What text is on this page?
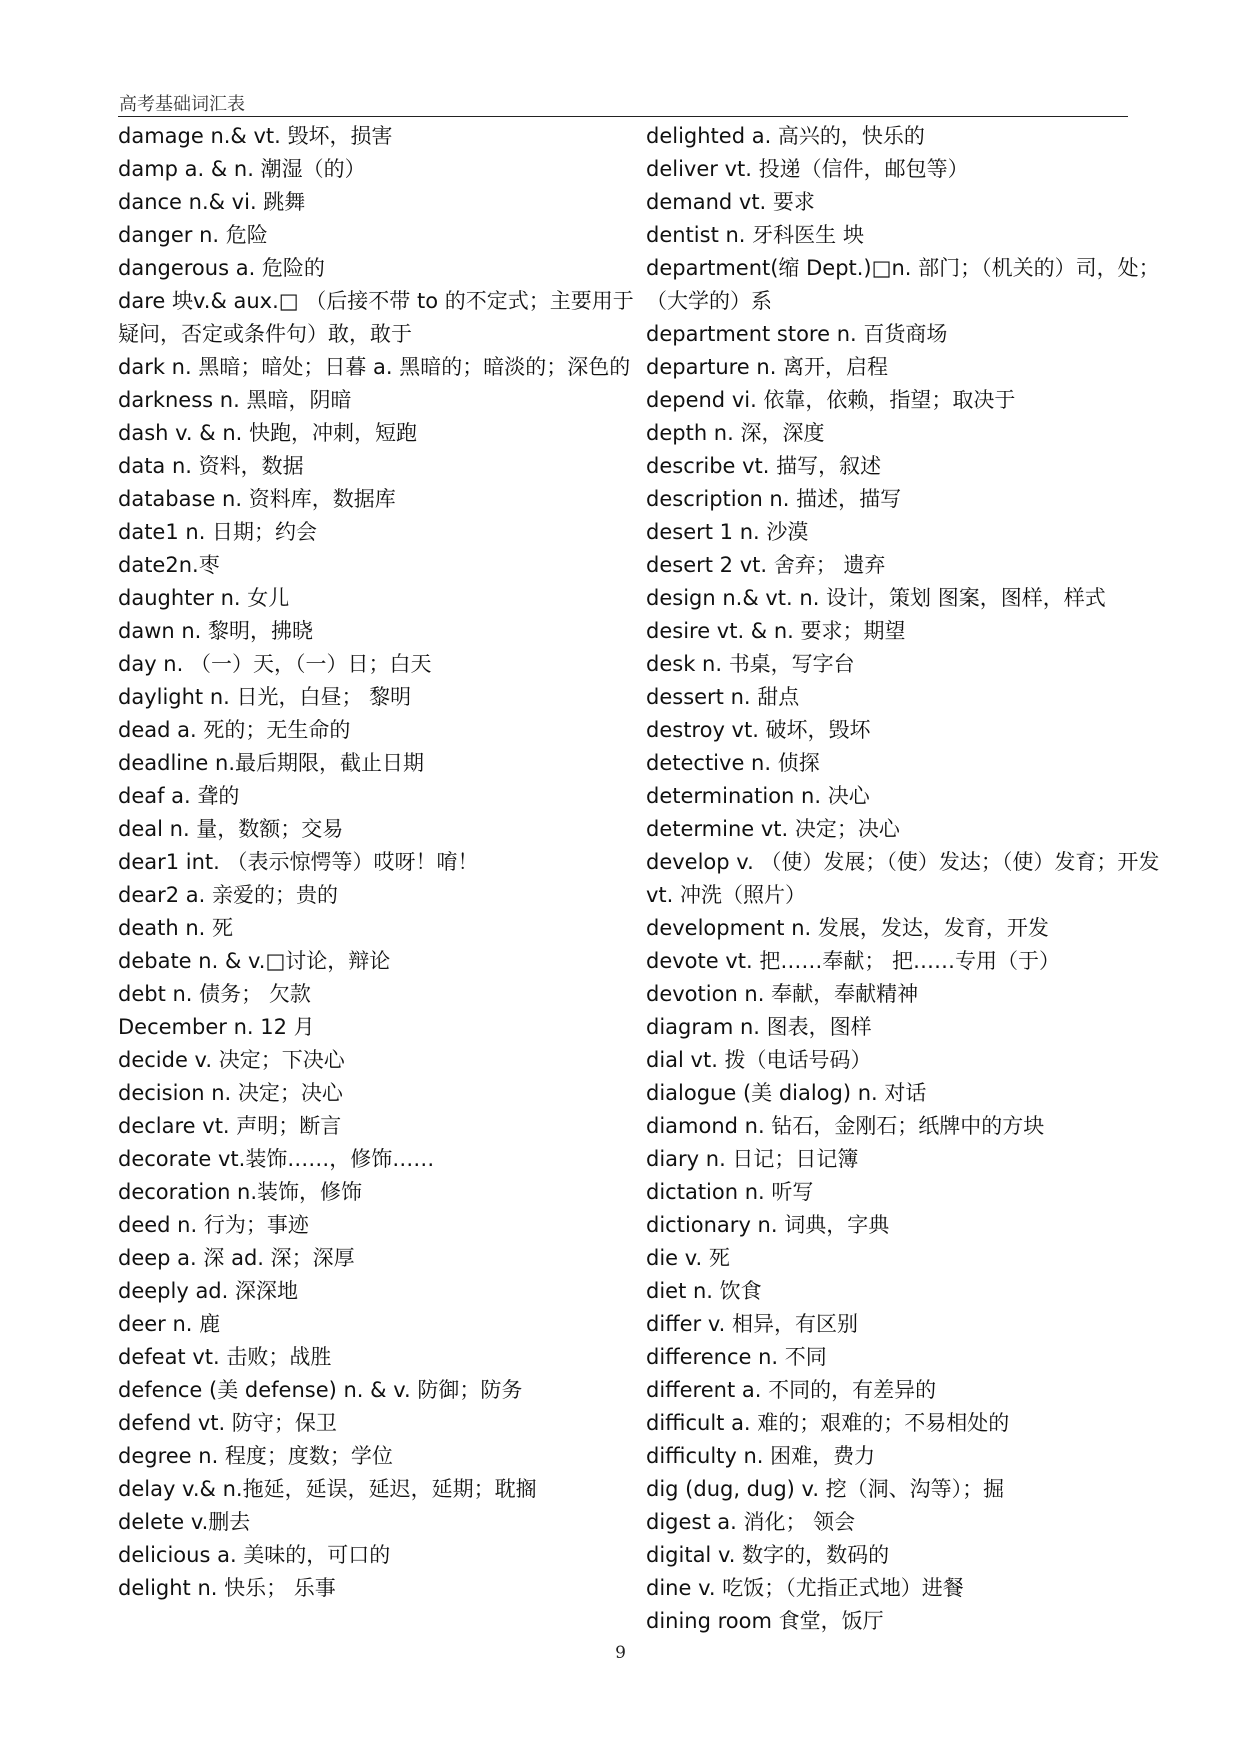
高考基础词汇表

damage n.& vt. 毁坏，损害

damp a. & n. 潮湿（的）

dance n.& vi. 跳舞

danger n. 危险

dangerous a. 危险的

dare 坱v.& aux.□ （后接不带 to 的不定式；主要用于疑问，否定或条件句）敢，敢于

dark n. 黑暗；暗处；日暮 a. 黑暗的；暗淡的；深色的

darkness n. 黑暗，阴暗

dash v. & n. 快跑，冲刺，短跑

data n. 资料，数据

database n. 资料库，数据库

date1 n. 日期；约会

date2n.枣

daughter n. 女儿

dawn n. 黎明，拂晓

day n. （一）天，（一）日；白天

daylight n. 日光，白昼； 黎明

dead a. 死的；无生命的

deadline n.最后期限，截止日期

deaf a. 聋的

deal n. 量，数额；交易

dear1 int. （表示惊愕等）哎呀！唷！

dear2 a. 亲爱的；贵的

death n. 死

debate n. & v.□讨论，辩论

debt n. 债务； 欠款

December n. 12 月

decide v. 决定；下决心

decision n. 决定；决心

declare vt. 声明；断言

decorate vt.装饰……，修饰……

decoration n.装饰，修饰

deed n. 行为；事迹

deep a. 深 ad. 深；深厚

deeply ad. 深深地

deer n. 鹿

defeat vt. 击败；战胜

defence (美 defense) n. & v. 防御；防务

defend vt. 防守；保卫

degree n. 程度；度数；学位

delay v.& n.拖延，延误，延迟，延期；耽搁

delete v.删去

delicious a. 美味的，可口的

delight n. 快乐； 乐事

delighted a. 高兴的，快乐的

deliver vt. 投递（信件，邮包等）

demand vt. 要求

dentist n. 牙科医生 坱

department(缩 Dept.)□n. 部门；（机关的）司，处；（大学的）系

department store n. 百货商场

departure n. 离开，启程

depend vi. 依靠，依赖，指望；取决于

depth n. 深，深度

describe vt. 描写，叙述

description n. 描述，描写

desert 1 n. 沙漠

desert 2 vt. 舍弃； 遗弃

design n.& vt. n. 设计，策划 图案，图样，样式

desire vt. & n. 要求；期望

desk n. 书桌，写字台

dessert n. 甜点

destroy vt. 破坏，毁坏

detective n. 侦探

determination n. 决心

determine vt. 决定；决心

develop v. （使）发展；（使）发达；（使）发育；开发 vt. 冲洗（照片）

development n. 发展，发达，发育，开发

devote vt. 把……奉献； 把……专用（于）

devotion n. 奉献，奉献精神

diagram n. 图表，图样

dial vt. 拨（电话号码）

dialogue (美 dialog) n. 对话

diamond n. 钻石，金刚石；纸牌中的方块

diary n. 日记；日记簿

dictation n. 听写

dictionary n. 词典，字典

die v. 死

diet n. 饮食

differ v. 相异，有区别

difference n. 不同

different a. 不同的，有差异的

difficult a. 难的；艰难的；不易相处的

difficulty n. 困难，费力

dig (dug, dug) v. 挖（洞、沟等）；掘

digest a. 消化； 领会

digital v. 数字的，数码的

dine v. 吃饭；（尤指正式地）进餐

dining room 食堂，饭厅

9
